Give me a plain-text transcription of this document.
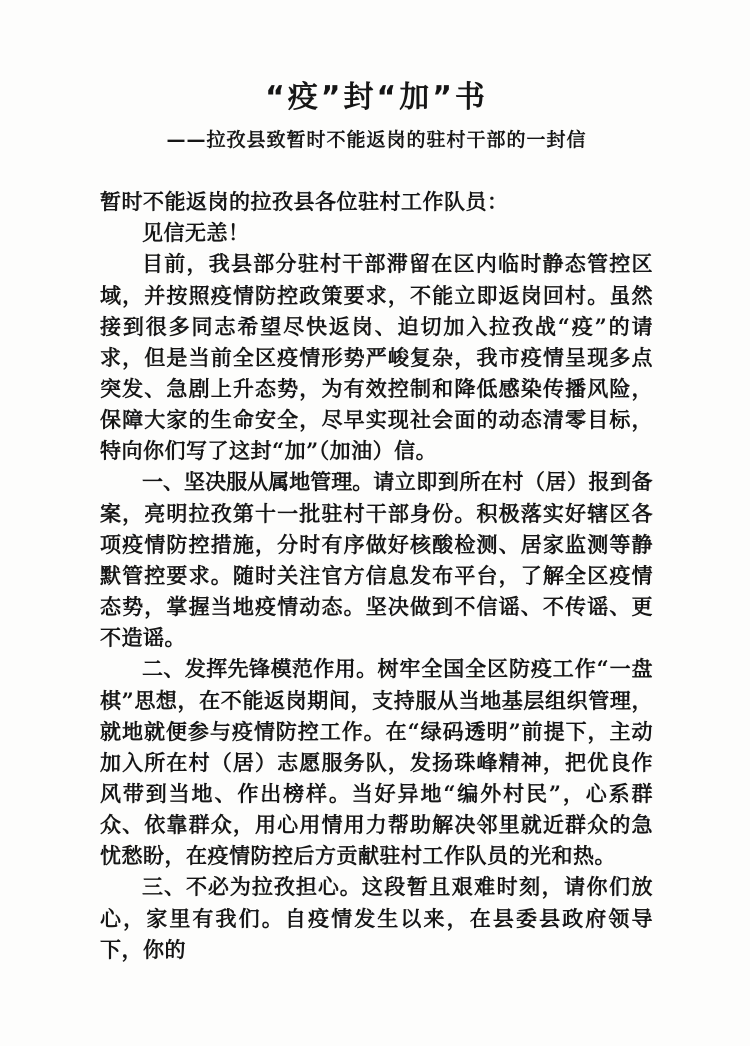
“疫”封“加”书
——拉孜县致暂时不能返岗的驻村干部的一封信

暂时不能返岗的拉孜县各位驻村工作队员：

见信无恙！

目前，我县部分驻村干部滞留在区内临时静态管控区域，并按照疫情防控政策要求，不能立即返岗回村。虽然接到很多同志希望尽快返岗、迫切加入拉孜战“疫”的请求，但是当前全区疫情形势严峻复杂，我市疫情呈现多点突发、急剧上升态势，为有效控制和降低感染传播风险，保障大家的生命安全，尽早实现社会面的动态清零目标，特向你们写了这封“加”（加油）信。

一、坚决服从属地管理。请立即到所在村（居）报到备案，亮明拉孜第十一批驻村干部身份。积极落实好辖区各项疫情防控措施，分时有序做好核酸检测、居家监测等静默管控要求。随时关注官方信息发布平台，了解全区疫情态势，掌握当地疫情动态。坚决做到不信谣、不传谣、更不造谣。

二、发挥先锋模范作用。树牢全国全区防疫工作“一盘棋”思想，在不能返岗期间，支持服从当地基层组织管理，就地就便参与疫情防控工作。在“绿码透明”前提下，主动加入所在村（居）志愿服务队，发扬珠峰精神，把优良作风带到当地、作出榜样。当好异地“编外村民”，心系群众、依靠群众，用心用情用力帮助解决邻里就近群众的急忧愁盼，在疫情防控后方贡献驻村工作队员的光和热。

三、不必为拉孜担心。这段暂且艰难时刻，请你们放心，家里有我们。自疫情发生以来，在县委县政府领导下，你的
